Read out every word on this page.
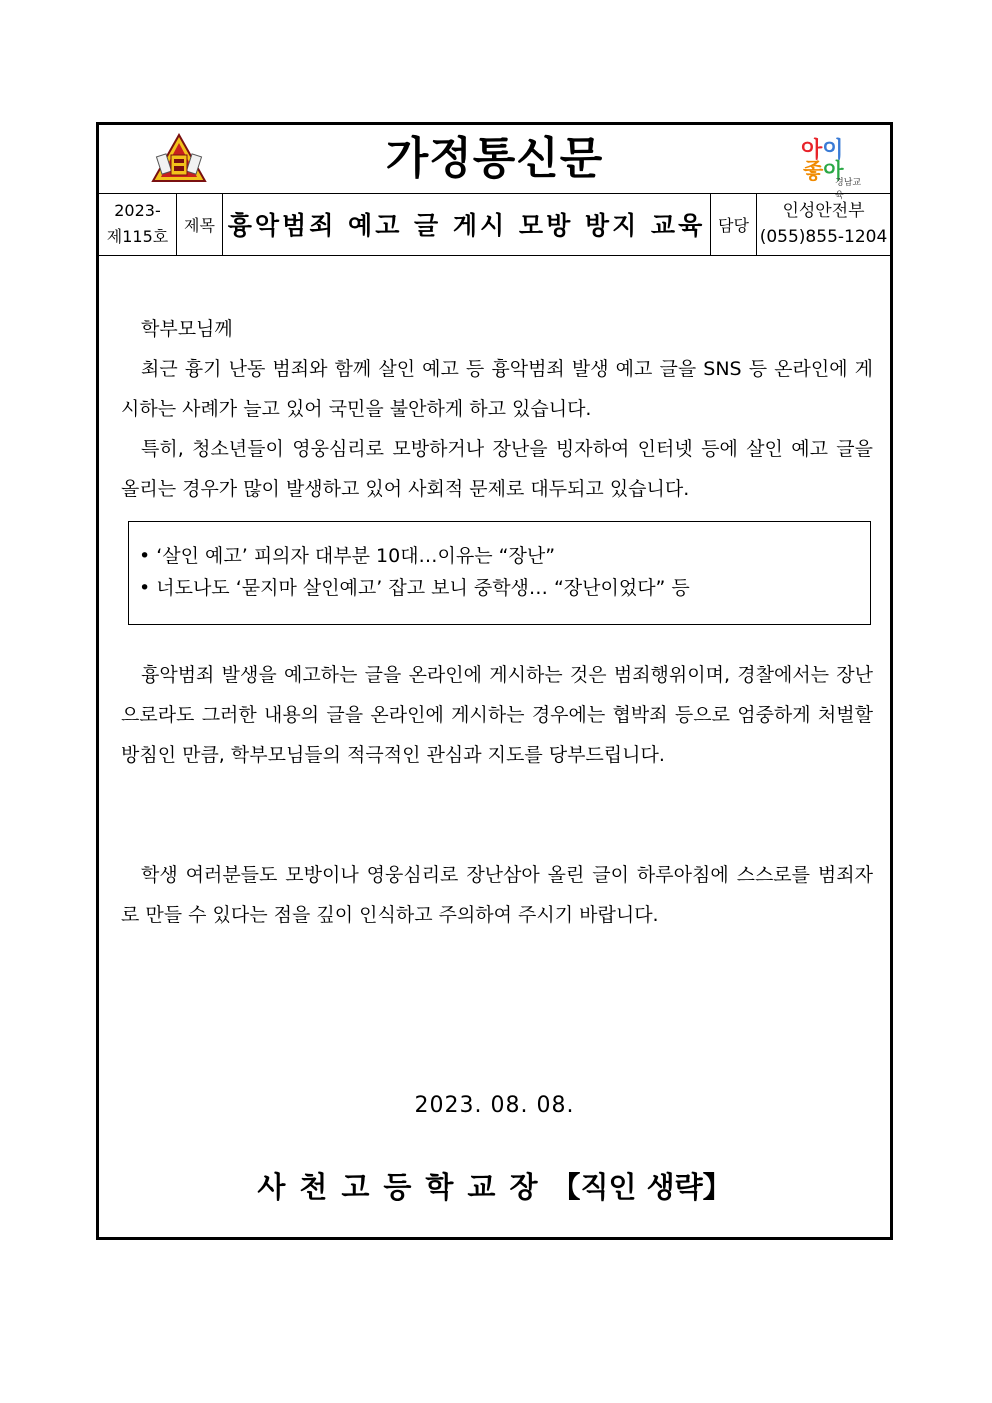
가정통신문	아이
좋아
경남교육
2023-
제115호
제목 흉악범죄 예고 글 게시 모방 방지 교육 담당
인성안전부
(055)855-1204
학부모님께
최근 흉기 난동 범죄와 함께 살인 예고 등 흉악범죄 발생 예고 글을 SNS 등 온라인에 게시하는 사례가 늘고 있어 국민을 불안하게 하고 있습니다.
특히, 청소년들이 영웅심리로 모방하거나 장난을 빙자하여 인터넷 등에 살인 예고 글을 올리는 경우가 많이 발생하고 있어 사회적 문제로 대두되고 있습니다.
• ‘살인 예고’ 피의자 대부분 10대…이유는 “장난”
• 너도나도 ‘묻지마 살인예고’ 잡고 보니 중학생… “장난이었다” 등
흉악범죄 발생을 예고하는 글을 온라인에 게시하는 것은 범죄행위이며, 경찰에서는 장난으로라도 그러한 내용의 글을 온라인에 게시하는 경우에는 협박죄 등으로 엄중하게 처벌할 방침인 만큼, 학부모님들의 적극적인 관심과 지도를 당부드립니다.
학생 여러분들도 모방이나 영웅심리로 장난삼아 올린 글이 하루아침에 스스로를 범죄자로 만들 수 있다는 점을 깊이 인식하고 주의하여 주시기 바랍니다.
2023. 08. 08.
사천고등학교장【직인 생략】
